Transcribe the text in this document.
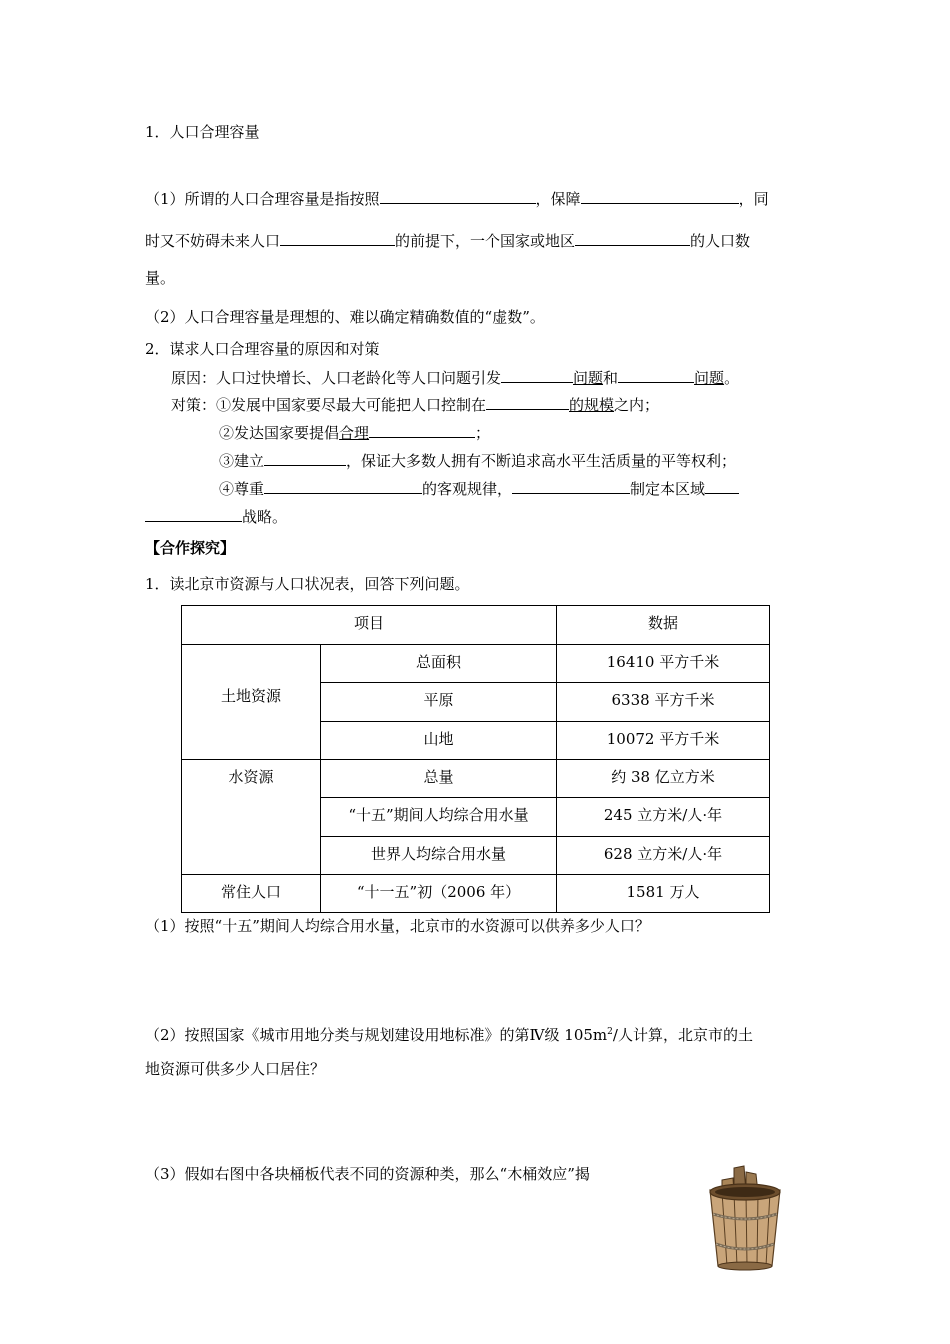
1．人口合理容量
（1）所谓的人口合理容量是指按照	，保障	，同
时又不妨碍未来人口	的前提下，一个国家或地区	的人口数
量。
（2）人口合理容量是理想的、难以确定精确数值的“虚数”。
2．谋求人口合理容量的原因和对策
原因：人口过快增长、人口老龄化等人口问题引发	问题和	问题。
对策：①发展中国家要尽最大可能把人口控制在	的规模之内；
②发达国家要提倡合理	；
③建立	，保证大多数人拥有不断追求高水平生活质量的平等权利；
④尊重	的客观规律，	制定本区域
战略。
【合作探究】
1．读北京市资源与人口状况表，回答下列问题。
项目		数据
土地资源	总面积	16410 平方千米
	平原	6338 平方千米
	山地	10072 平方千米
水资源	总量	约 38 亿立方米
	“十五”期间人均综合用水量	245 立方米/人·年
	世界人均综合用水量	628 立方米/人·年
常住人口	“十一五”初（2006 年）	1581 万人
（1）按照“十五”期间人均综合用水量，北京市的水资源可以供养多少人口？
（2）按照国家《城市用地分类与规划建设用地标准》的第Ⅳ级 $105m^2/$人计算，北京市的土
地资源可供多少人口居住？
（3）假如右图中各块桶板代表不同的资源种类，那么“木桶效应”揭
